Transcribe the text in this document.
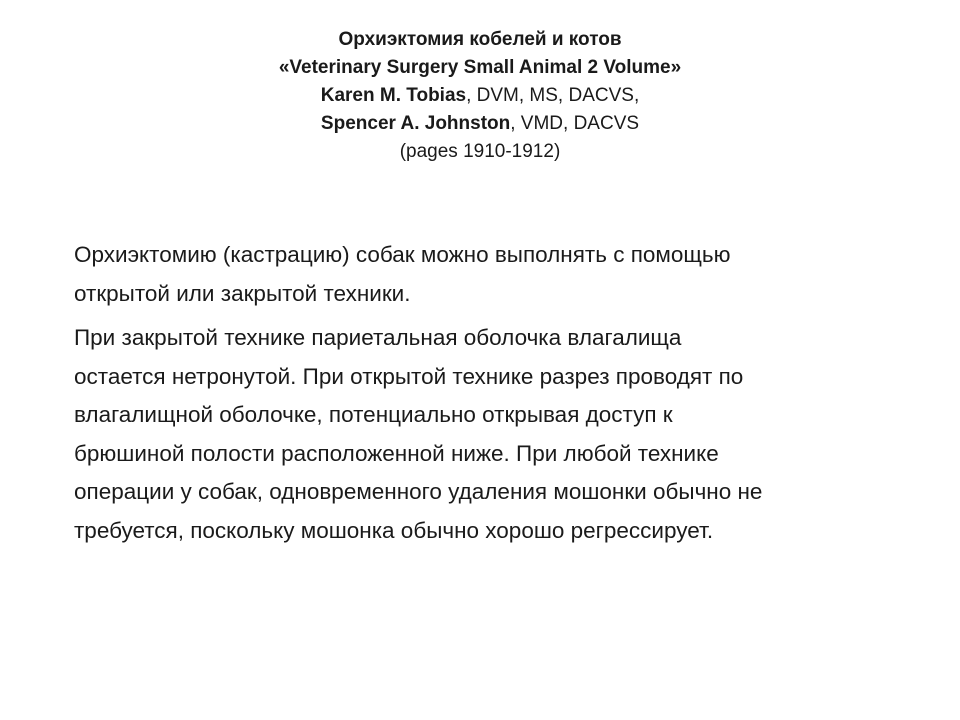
Орхиэктомия кобелей и котов
«Veterinary Surgery Small Animal 2 Volume»
Karen M. Tobias, DVM, MS, DACVS,
Spencer A. Johnston, VMD, DACVS
(pages 1910-1912)

Орхиэктомию (кастрацию) собак можно выполнять с помощью
открытой или закрытой техники.

При закрытой технике париетальная оболочка влагалища
остается нетронутой. При открытой технике разрез проводят по
влагалищной оболочке, потенциально открывая доступ к
брюшиной полости расположенной ниже. При любой технике
операции у собак, одновременного удаления мошонки обычно не
требуется, поскольку мошонка обычно хорошо регрессирует.
